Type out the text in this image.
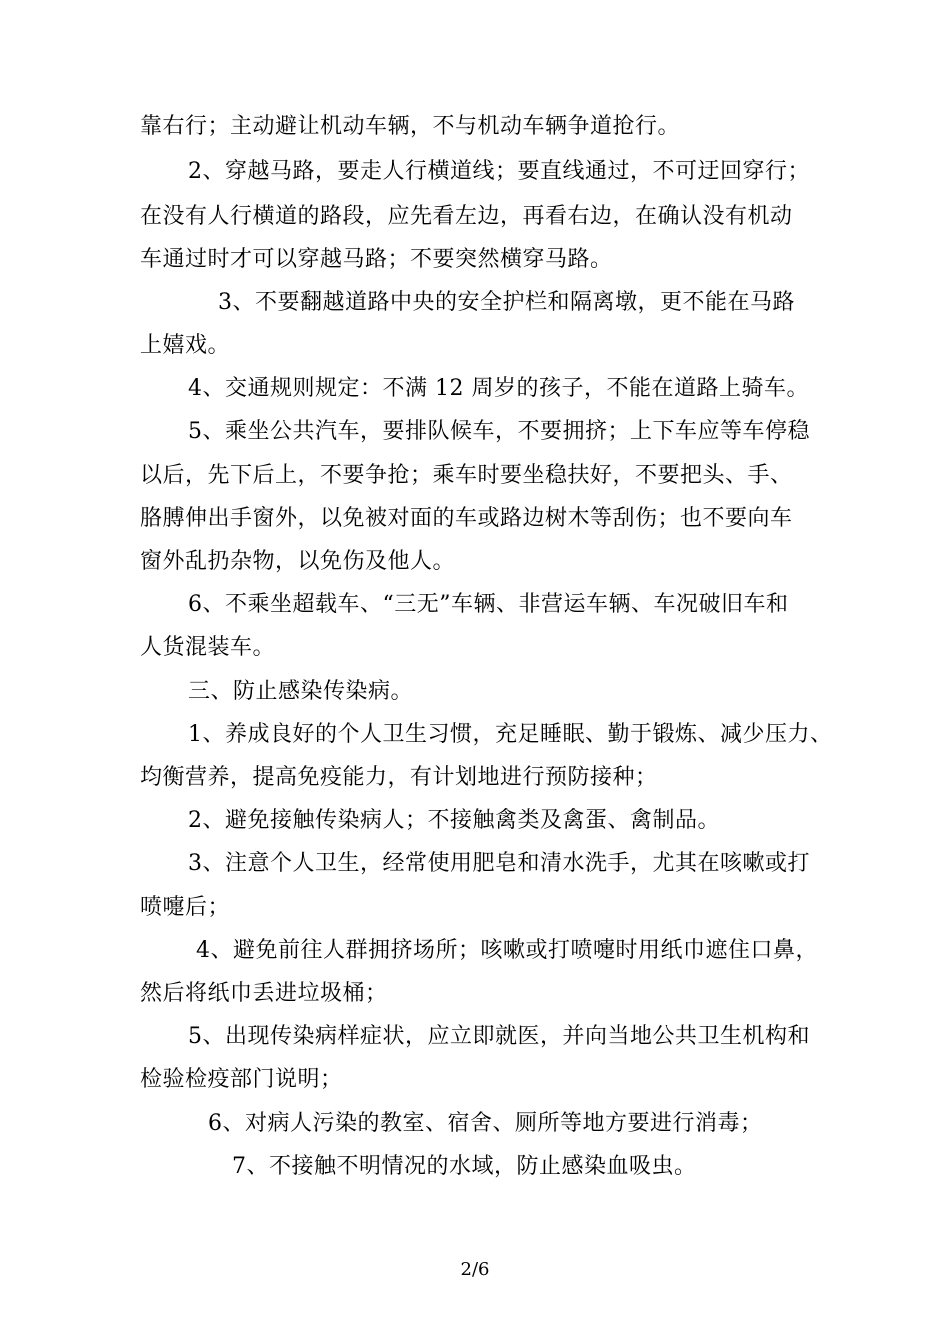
靠右行；主动避让机动车辆，不与机动车辆争道抢行。
2、穿越马路，要走人行横道线；要直线通过，不可迂回穿行；
在没有人行横道的路段，应先看左边，再看右边，在确认没有机动
车通过时才可以穿越马路；不要突然横穿马路。
3、不要翻越道路中央的安全护栏和隔离墩，更不能在马路
上嬉戏。
4、交通规则规定：不满 12 周岁的孩子，不能在道路上骑车。
5、乘坐公共汽车，要排队候车，不要拥挤；上下车应等车停稳
以后，先下后上，不要争抢；乘车时要坐稳扶好，不要把头、手、
胳膊伸出手窗外，以免被对面的车或路边树木等刮伤；也不要向车
窗外乱扔杂物，以免伤及他人。
6、不乘坐超载车、“三无”车辆、非营运车辆、车况破旧车和
人货混装车。
三、防止感染传染病。
1、养成良好的个人卫生习惯，充足睡眠、勤于锻炼、减少压力、
均衡营养，提高免疫能力，有计划地进行预防接种；
2、避免接触传染病人；不接触禽类及禽蛋、禽制品。
3、注意个人卫生，经常使用肥皂和清水洗手，尤其在咳嗽或打
喷嚏后；
4、避免前往人群拥挤场所；咳嗽或打喷嚏时用纸巾遮住口鼻，
然后将纸巾丢进垃圾桶；
5、出现传染病样症状，应立即就医，并向当地公共卫生机构和
检验检疫部门说明；
6、对病人污染的教室、宿舍、厕所等地方要进行消毒；
7、不接触不明情况的水域，防止感染血吸虫。
2/6
